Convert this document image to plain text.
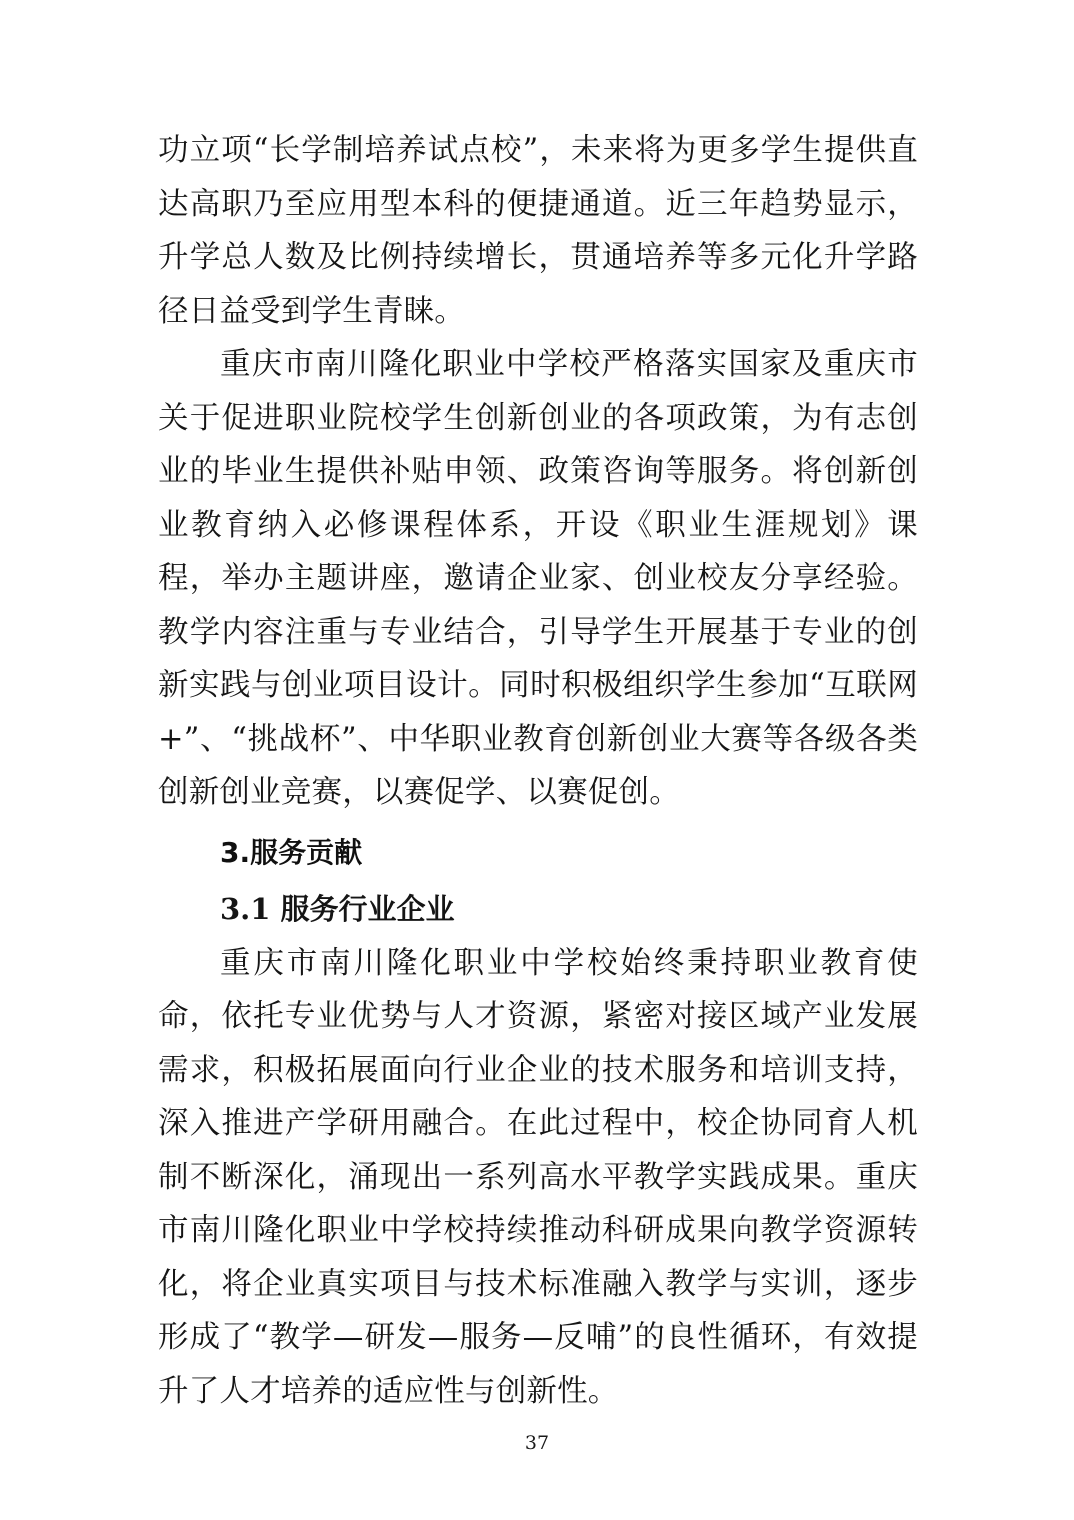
功立项“长学制培养试点校”，未来将为更多学生提供直达高职乃至应用型本科的便捷通道。近三年趋势显示，升学总人数及比例持续增长，贯通培养等多元化升学路径日益受到学生青睐。

重庆市南川隆化职业中学校严格落实国家及重庆市关于促进职业院校学生创新创业的各项政策，为有志创业的毕业生提供补贴申领、政策咨询等服务。将创新创业教育纳入必修课程体系，开设《职业生涯规划》课程，举办主题讲座，邀请企业家、创业校友分享经验。教学内容注重与专业结合，引导学生开展基于专业的创新实践与创业项目设计。同时积极组织学生参加“互联网+”、“挑战杯”、中华职业教育创新创业大赛等各级各类创新创业竞赛，以赛促学、以赛促创。

3.服务贡献
3.1 服务行业企业

重庆市南川隆化职业中学校始终秉持职业教育使命，依托专业优势与人才资源，紧密对接区域产业发展需求，积极拓展面向行业企业的技术服务和培训支持，深入推进产学研用融合。在此过程中，校企协同育人机制不断深化，涌现出一系列高水平教学实践成果。重庆市南川隆化职业中学校持续推动科研成果向教学资源转化，将企业真实项目与技术标准融入教学与实训，逐步形成了“教学—研发—服务—反哺”的良性循环，有效提升了人才培养的适应性与创新性。

37
